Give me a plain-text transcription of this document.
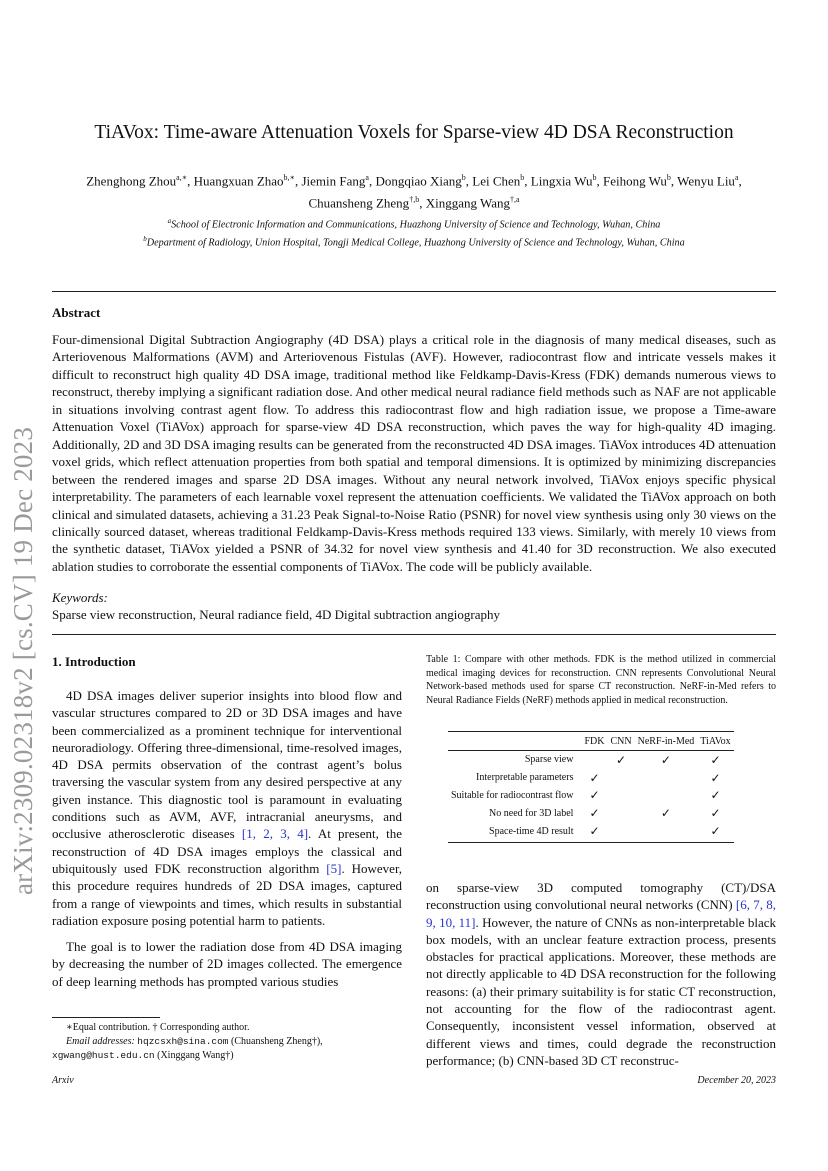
arXiv:2309.02318v2 [cs.CV] 19 Dec 2023
TiAVox: Time-aware Attenuation Voxels for Sparse-view 4D DSA Reconstruction
Zhenghong Zhou$^{a,∗}$, Huangxuan Zhao$^{b,∗}$, Jiemin Fang$^a$, Dongqiao Xiang$^b$, Lei Chen$^b$, Lingxia Wu$^b$, Feihong Wu$^b$, Wenyu Liu$^a$,
Chuansheng Zheng$^{\dagger,b}$, Xinggang Wang$^{\dagger,a}$
$^a$School of Electronic Information and Communications, Huazhong University of Science and Technology, Wuhan, China
$^b$Department of Radiology, Union Hospital, Tongji Medical College, Huazhong University of Science and Technology, Wuhan, China
Abstract

Four-dimensional Digital Subtraction Angiography (4D DSA) plays a critical role in the diagnosis of many medical diseases, such as Arteriovenous Malformations (AVM) and Arteriovenous Fistulas (AVF). However, radiocontrast flow and intricate vessels makes it difficult to reconstruct high quality 4D DSA image, traditional method like Feldkamp-Davis-Kress (FDK) demands numerous views to reconstruct, thereby implying a significant radiation dose. And other medical neural radiance field methods such as NAF are not applicable in situations involving contrast agent flow. To address this radiocontrast flow and high radiation issue, we propose a Time-aware Attenuation Voxel (TiAVox) approach for sparse-view 4D DSA reconstruction, which paves the way for high-quality 4D imaging. Additionally, 2D and 3D DSA imaging results can be generated from the reconstructed 4D DSA images. TiAVox introduces 4D attenuation voxel grids, which reflect attenuation properties from both spatial and temporal dimensions. It is optimized by minimizing discrepancies between the rendered images and sparse 2D DSA images. Without any neural network involved, TiAVox enjoys specific physical interpretability. The parameters of each learnable voxel represent the attenuation coefficients. We validated the TiAVox approach on both clinical and simulated datasets, achieving a 31.23 Peak Signal-to-Noise Ratio (PSNR) for novel view synthesis using only 30 views on the clinically sourced dataset, whereas traditional Feldkamp-Davis-Kress methods required 133 views. Similarly, with merely 10 views from the synthetic dataset, TiAVox yielded a PSNR of 34.32 for novel view synthesis and 41.40 for 3D reconstruction. We also executed ablation studies to corroborate the essential components of TiAVox. The code will be publicly available.

Keywords:
Sparse view reconstruction, Neural radiance field, 4D Digital subtraction angiography
1. Introduction

4D DSA images deliver superior insights into blood flow and vascular structures compared to 2D or 3D DSA images and have been commercialized as a prominent technique for interventional neuroradiology. Offering three-dimensional, time-resolved images, 4D DSA permits observation of the contrast agent’s bolus traversing the vascular system from any desired perspective at any given instance. This diagnostic tool is paramount in evaluating conditions such as AVM, AVF, intracranial aneurysms, and occlusive atherosclerotic diseases [1, 2, 3, 4]. At present, the reconstruction of 4D DSA images employs the classical and ubiquitously used FDK reconstruction algorithm [5]. However, this procedure requires hundreds of 2D DSA images, captured from a range of viewpoints and times, which results in substantial radiation exposure posing potential harm to patients.

The goal is to lower the radiation dose from 4D DSA imaging by decreasing the number of 2D images collected. The emergence of deep learning methods has prompted various studies

∗Equal contribution. † Corresponding author.
Email addresses: hqzcsxh@sina.com (Chuansheng Zheng†),
xgwang@hust.edu.cn (Xinggang Wang†)
Arxiv	December 20, 2023

Table 1: Compare with other methods. FDK is the method utilized in commercial medical imaging devices for reconstruction. CNN represents Convolutional Neural Network-based methods used for sparse CT reconstruction. NeRF-in-Med refers to Neural Radiance Fields (NeRF) methods applied in medical reconstruction.

	FDK	CNN	NeRF-in-Med	TiAVox
Sparse view		✓	✓	✓
Interpretable parameters	✓			✓
Suitable for radiocontrast flow	✓			✓
No need for 3D label	✓		✓	✓
Space-time 4D result	✓			✓

on sparse-view 3D computed tomography (CT)/DSA reconstruction using convolutional neural networks (CNN) [6, 7, 8, 9, 10, 11]. However, the nature of CNNs as non-interpretable black box models, with an unclear feature extraction process, presents obstacles for practical applications. Moreover, these methods are not directly applicable to 4D DSA reconstruction for the following reasons: (a) their primary suitability is for static CT reconstruction, not accounting for the flow of the radiocontrast agent. Consequently, inconsistent vessel information, observed at different views and times, could degrade the reconstruction performance; (b) CNN-based 3D CT reconstruc-
